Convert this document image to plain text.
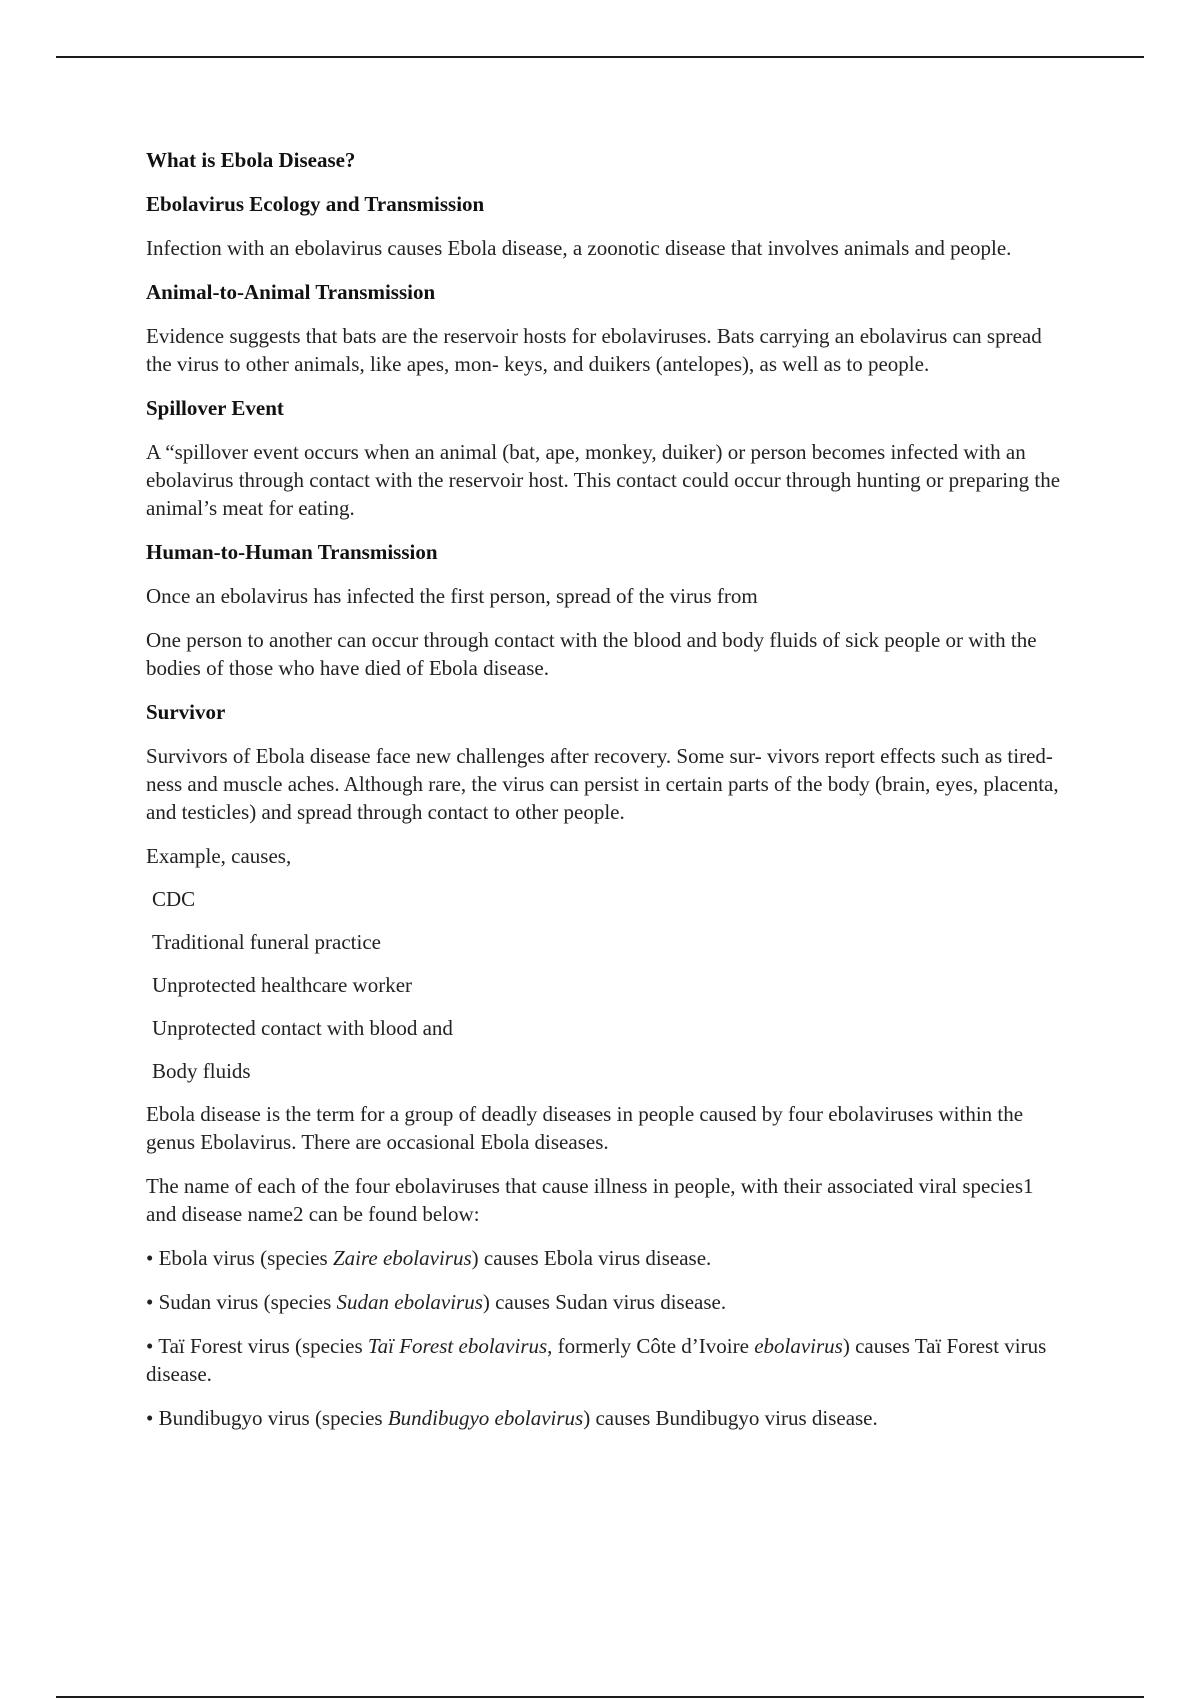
What is Ebola Disease?
Ebolavirus Ecology and Transmission

Infection with an ebolavirus causes Ebola disease, a zoonotic disease that involves animals and people.

Animal-to-Animal Transmission

Evidence suggests that bats are the reservoir hosts for ebolaviruses. Bats carrying an ebolavirus can spread the virus to other animals, like apes, mon- keys, and duikers (antelopes), as well as to people.

Spillover Event

A “spillover event occurs when an animal (bat, ape, monkey, duiker) or person becomes infected with an ebolavirus through contact with the reservoir host. This contact could occur through hunting or preparing the animal’s meat for eating.

Human-to-Human Transmission

Once an ebolavirus has infected the first person, spread of the virus from

One person to another can occur through contact with the blood and body fluids of sick people or with the bodies of those who have died of Ebola disease.

Survivor

Survivors of Ebola disease face new challenges after recovery. Some sur- vivors report effects such as tired- ness and muscle aches. Although rare, the virus can persist in certain parts of the body (brain, eyes, placenta, and testicles) and spread through contact to other people.

Example, causes,

CDC

Traditional funeral practice

Unprotected healthcare worker

Unprotected contact with blood and

Body fluids

Ebola disease is the term for a group of deadly diseases in people caused by four ebolaviruses within the genus Ebolavirus. There are occasional Ebola diseases.

The name of each of the four ebolaviruses that cause illness in people, with their associated viral species1 and disease name2 can be found below:

• Ebola virus (species Zaire ebolavirus) causes Ebola virus disease.

• Sudan virus (species Sudan ebolavirus) causes Sudan virus disease.

• Taï Forest virus (species Taï Forest ebolavirus, formerly Côte d’Ivoire ebolavirus) causes Taï Forest virus disease.

• Bundibugyo virus (species Bundibugyo ebolavirus) causes Bundibugyo virus disease.
